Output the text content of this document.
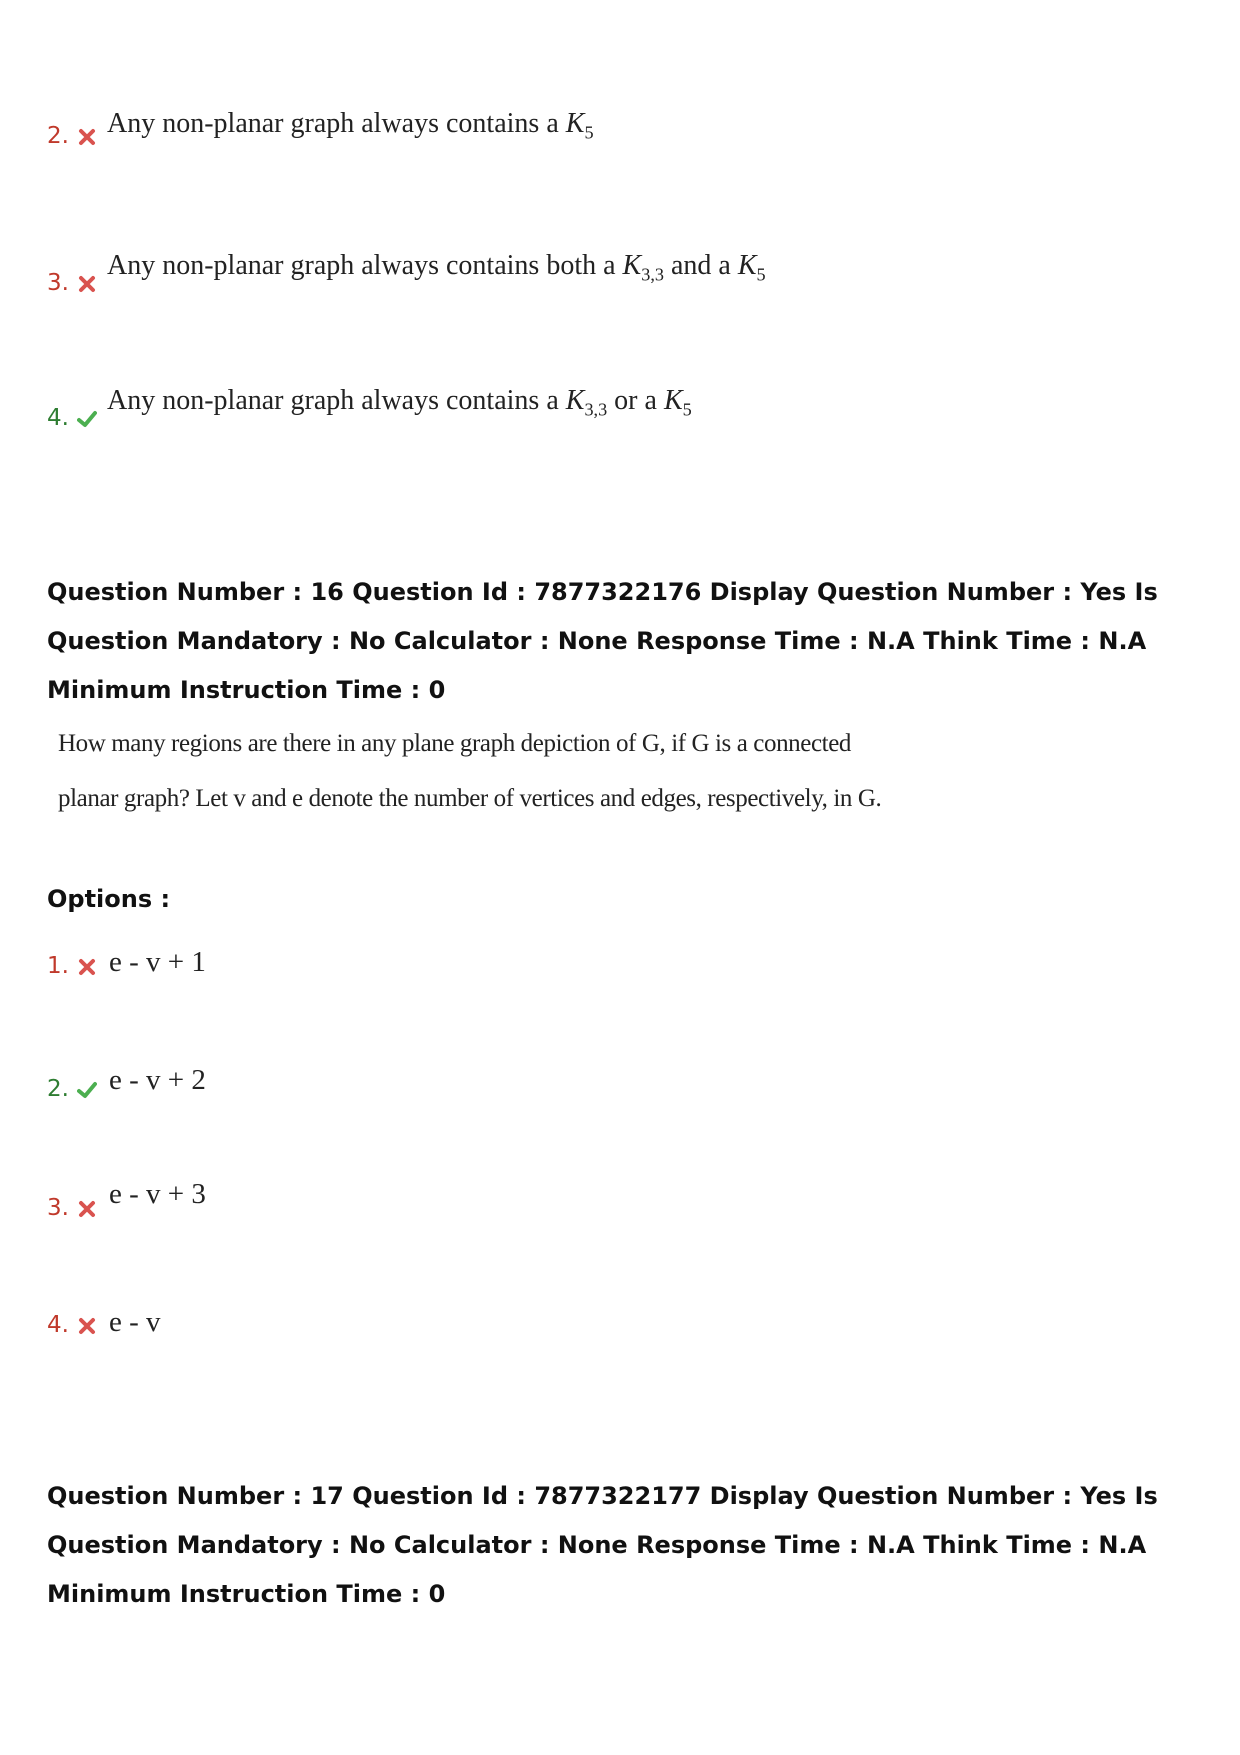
2. Any non-planar graph always contains a $K_5$
3.
Any non-planar graph always contains both a $K_{3,3}$ and a $K_5$
4.
Any non-planar graph always contains a $K_{3,3}$ or a $K_5$
Question Number : 16 Question Id : 7877322176 Display Question Number : Yes Is Question Mandatory : No Calculator : None Response Time : N.A Think Time : N.A Minimum Instruction Time : 0
How many regions are there in any plane graph depiction of G, if G is a connected
planar graph? Let v and e denote the number of vertices and edges, respectively, in G.
Options :
1. e - v + 1
2. e - v + 2
3. e - v + 3
4. e - v
Question Number : 17 Question Id : 7877322177 Display Question Number : Yes Is Question Mandatory : No Calculator : None Response Time : N.A Think Time : N.A Minimum Instruction Time : 0
